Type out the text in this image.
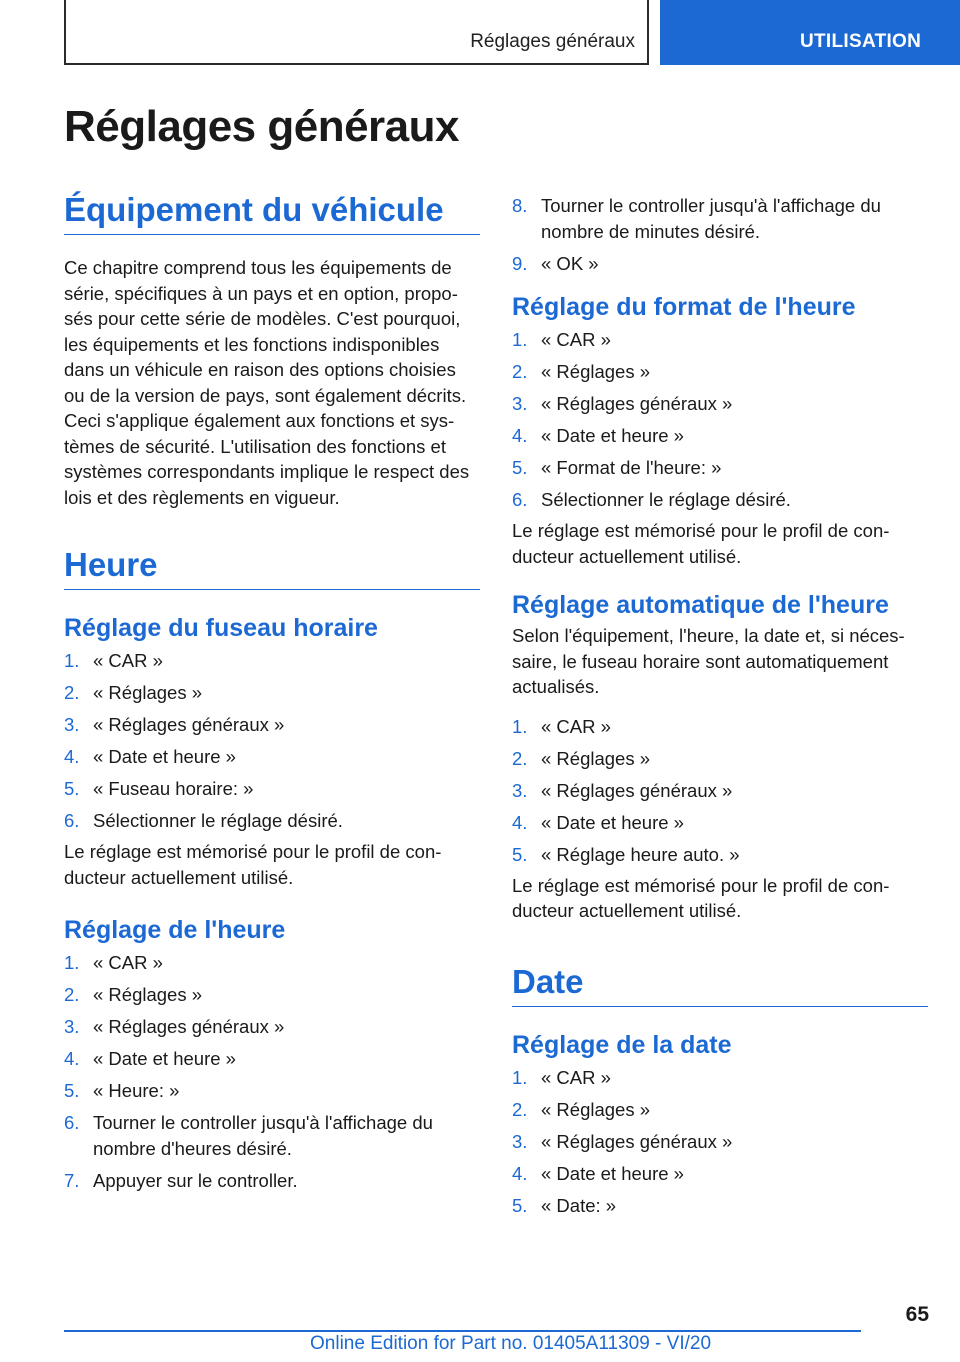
Réglages généraux	UTILISATION
Réglages généraux
Équipement du véhicule

Ce chapitre comprend tous les équipements de série, spécifiques à un pays et en option, propo-sés pour cette série de modèles. C'est pourquoi, les équipements et les fonctions indisponibles dans un véhicule en raison des options choisies ou de la version de pays, sont également décrits. Ceci s'applique également aux fonctions et sys-tèmes de sécurité. L'utilisation des fonctions et systèmes correspondants implique le respect des lois et des règlements en vigueur.

Heure
Réglage du fuseau horaire
1. « CAR »
2. « Réglages »
3. « Réglages généraux »
4. « Date et heure »
5. « Fuseau horaire: »
6. Sélectionner le réglage désiré.

Le réglage est mémorisé pour le profil de con-ducteur actuellement utilisé.

Réglage de l'heure
1. « CAR »
2. « Réglages »
3. « Réglages généraux »
4. « Date et heure »
5. « Heure: »
6. Tourner le controller jusqu'à l'affichage du nombre d'heures désiré.
7. Appuyer sur le controller.
8. Tourner le controller jusqu'à l'affichage du nombre de minutes désiré.
9. « OK »
Réglage du format de l'heure
1. « CAR »
2. « Réglages »
3. « Réglages généraux »
4. « Date et heure »
5. « Format de l'heure: »
6. Sélectionner le réglage désiré.

Le réglage est mémorisé pour le profil de con-ducteur actuellement utilisé.

Réglage automatique de l'heure

Selon l'équipement, l'heure, la date et, si néces-saire, le fuseau horaire sont automatiquement actualisés.

1. « CAR »
2. « Réglages »
3. « Réglages généraux »
4. « Date et heure »
5. « Réglage heure auto. »

Le réglage est mémorisé pour le profil de con-ducteur actuellement utilisé.

Date
Réglage de la date
1. « CAR »
2. « Réglages »
3. « Réglages généraux »
4. « Date et heure »
5. « Date: »
65
Online Edition for Part no. 01405A11309 - VI/20
